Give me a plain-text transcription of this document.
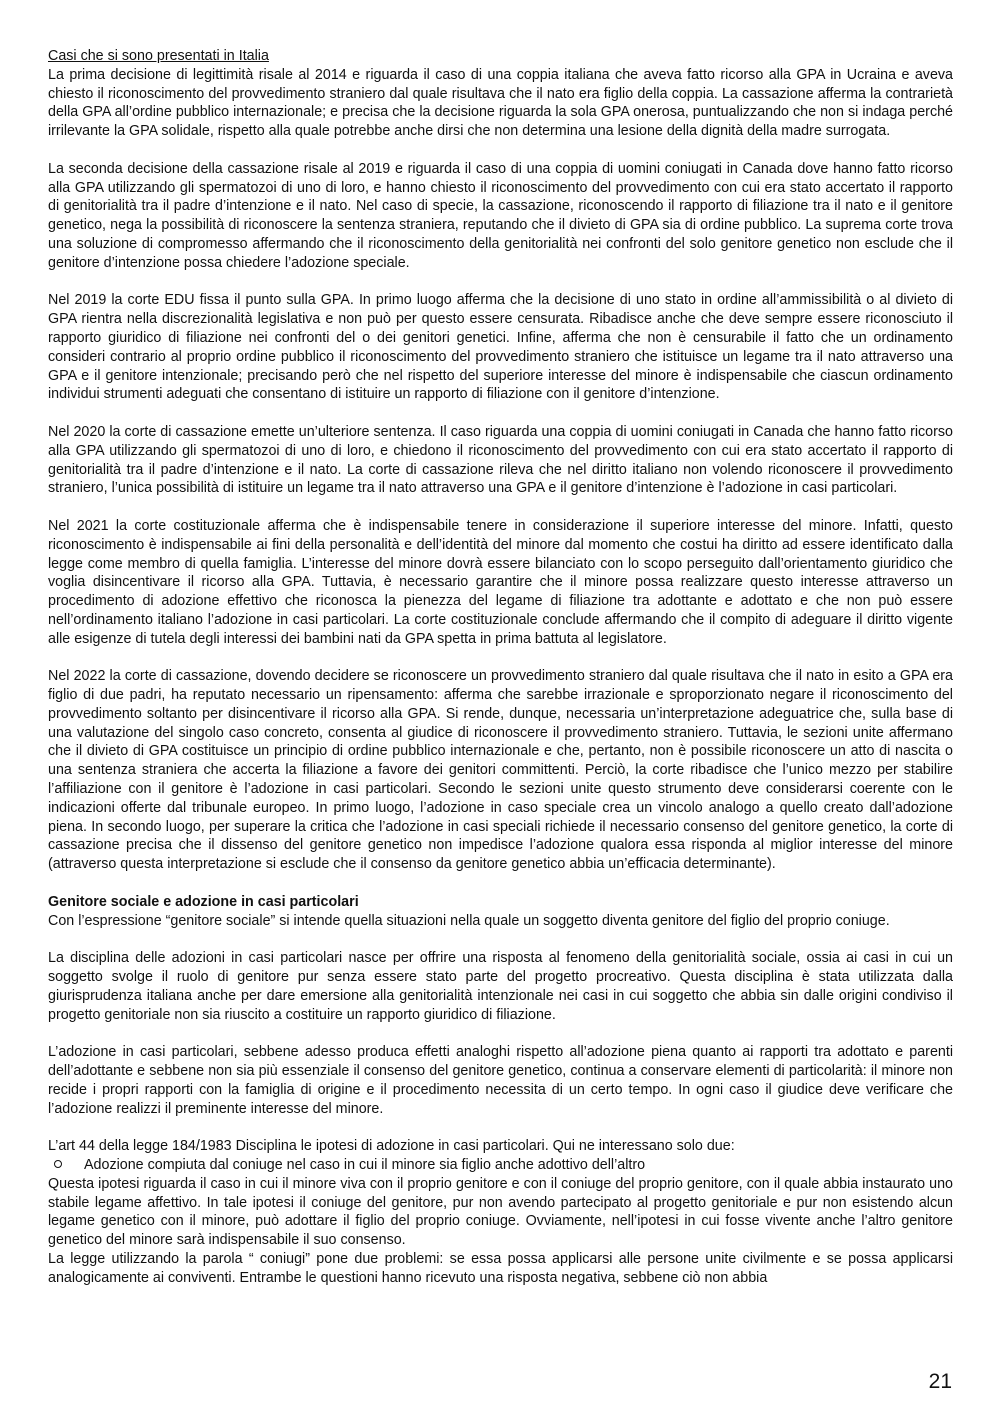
Casi che si sono presentati in Italia

La prima decisione di legittimità risale al 2014 e riguarda il caso di una coppia italiana che aveva fatto ricorso alla GPA in Ucraina e aveva chiesto il riconoscimento del provvedimento straniero dal quale risultava che il nato era figlio della coppia. La cassazione afferma la contrarietà della GPA all’ordine pubblico internazionale; e precisa che la decisione riguarda la sola GPA onerosa, puntualizzando che non si indaga perché irrilevante la GPA solidale, rispetto alla quale potrebbe anche dirsi che non determina una lesione della dignità della madre surrogata.

La seconda decisione della cassazione risale al 2019 e riguarda il caso di una coppia di uomini coniugati in Canada dove hanno fatto ricorso alla GPA utilizzando gli spermatozoi di uno di loro, e hanno chiesto il riconoscimento del provvedimento con cui era stato accertato il rapporto di genitorialità tra il padre d’intenzione e il nato. Nel caso di specie, la cassazione, riconoscendo il rapporto di filiazione tra il nato e il genitore genetico, nega la possibilità di riconoscere la sentenza straniera, reputando che il divieto di GPA sia di ordine pubblico. La suprema corte trova una soluzione di compromesso affermando che il riconoscimento della genitorialità nei confronti del solo genitore genetico non esclude che il genitore d’intenzione possa chiedere l’adozione speciale.

Nel 2019 la corte EDU fissa il punto sulla GPA. In primo luogo afferma che la decisione di uno stato in ordine all’ammissibilità o al divieto di GPA rientra nella discrezionalità legislativa e non può per questo essere censurata. Ribadisce anche che deve sempre essere riconosciuto il rapporto giuridico di filiazione nei confronti del o dei genitori genetici. Infine, afferma che non è censurabile il fatto che un ordinamento consideri contrario al proprio ordine pubblico il riconoscimento del provvedimento straniero che istituisce un legame tra il nato attraverso una GPA e il genitore intenzionale; precisando però che nel rispetto del superiore interesse del minore è indispensabile che ciascun ordinamento individui strumenti adeguati che consentano di istituire un rapporto di filiazione con il genitore d’intenzione.

Nel 2020 la corte di cassazione emette un’ulteriore sentenza. Il caso riguarda una coppia di uomini coniugati in Canada che hanno fatto ricorso alla GPA utilizzando gli spermatozoi di uno di loro, e chiedono il riconoscimento del provvedimento con cui era stato accertato il rapporto di genitorialità tra il padre d’intenzione e il nato. La corte di cassazione rileva che nel diritto italiano non volendo riconoscere il provvedimento straniero, l’unica possibilità di istituire un legame tra il nato attraverso una GPA e il genitore d’intenzione è l’adozione in casi particolari.

Nel 2021 la corte costituzionale afferma che è indispensabile tenere in considerazione il superiore interesse del minore. Infatti, questo riconoscimento è indispensabile ai fini della personalità e dell’identità del minore dal momento che costui ha diritto ad essere identificato dalla legge come membro di quella famiglia. L’interesse del minore dovrà essere bilanciato con lo scopo perseguito dall’orientamento giuridico che voglia disincentivare il ricorso alla GPA. Tuttavia, è necessario garantire che il minore possa realizzare questo interesse attraverso un procedimento di adozione effettivo che riconosca la pienezza del legame di filiazione tra adottante e adottato e che non può essere nell’ordinamento italiano l’adozione in casi particolari. La corte costituzionale conclude affermando che il compito di adeguare il diritto vigente alle esigenze di tutela degli interessi dei bambini nati da GPA spetta in prima battuta al legislatore.

Nel 2022 la corte di cassazione, dovendo decidere se riconoscere un provvedimento straniero dal quale risultava che il nato in esito a GPA era figlio di due padri, ha reputato necessario un ripensamento: afferma che sarebbe irrazionale e sproporzionato negare il riconoscimento del provvedimento soltanto per disincentivare il ricorso alla GPA. Si rende, dunque, necessaria un’interpretazione adeguatrice che, sulla base di una valutazione del singolo caso concreto, consenta al giudice di riconoscere il provvedimento straniero. Tuttavia, le sezioni unite affermano che il divieto di GPA costituisce un principio di ordine pubblico internazionale e che, pertanto, non è possibile riconoscere un atto di nascita o una sentenza straniera che accerta la filiazione a favore dei genitori committenti. Perciò, la corte ribadisce che l’unico mezzo per stabilire l’affiliazione con il genitore è l’adozione in casi particolari. Secondo le sezioni unite questo strumento deve considerarsi coerente con le indicazioni offerte dal tribunale europeo. In primo luogo, l’adozione in caso speciale crea un vincolo analogo a quello creato dall’adozione piena. In secondo luogo, per superare la critica che l’adozione in casi speciali richiede il necessario consenso del genitore genetico, la corte di cassazione precisa che il dissenso del genitore genetico non impedisce l’adozione qualora essa risponda al miglior interesse del minore (attraverso questa interpretazione si esclude che il consenso da genitore genetico abbia un’efficacia determinante).

Genitore sociale e adozione in casi particolari

Con l’espressione “genitore sociale” si intende quella situazioni nella quale un soggetto diventa genitore del figlio del proprio coniuge.

La disciplina delle adozioni in casi particolari nasce per offrire una risposta al fenomeno della genitorialità sociale, ossia ai casi in cui un soggetto svolge il ruolo di genitore pur senza essere stato parte del progetto procreativo. Questa disciplina è stata utilizzata dalla giurisprudenza italiana anche per dare emersione alla genitorialità intenzionale nei casi in cui soggetto che abbia sin dalle origini condiviso il progetto genitoriale non sia riuscito a costituire un rapporto giuridico di filiazione.

L’adozione in casi particolari, sebbene adesso produca effetti analoghi rispetto all’adozione piena quanto ai rapporti tra adottato e parenti dell’adottante e sebbene non sia più essenziale il consenso del genitore genetico, continua a conservare elementi di particolarità: il minore non recide i propri rapporti con la famiglia di origine e il procedimento necessita di un certo tempo. In ogni caso il giudice deve verificare che l’adozione realizzi il preminente interesse del minore.

L’art 44 della legge 184/1983 Disciplina le ipotesi di adozione in casi particolari. Qui ne interessano solo due:

Adozione compiuta dal coniuge nel caso in cui il minore sia figlio anche adottivo dell’altro

Questa ipotesi riguarda il caso in cui il minore viva con il proprio genitore e con il coniuge del proprio genitore, con il quale abbia instaurato uno stabile legame affettivo. In tale ipotesi il coniuge del genitore, pur non avendo partecipato al progetto genitoriale e pur non esistendo alcun legame genetico con il minore, può adottare il figlio del proprio coniuge. Ovviamente, nell’ipotesi in cui fosse vivente anche l’altro genitore genetico del minore sarà indispensabile il suo consenso.

La legge utilizzando la parola “ coniugi” pone due problemi: se essa possa applicarsi alle persone unite civilmente e se possa applicarsi analogicamente ai conviventi. Entrambe le questioni hanno ricevuto una risposta negativa, sebbene ciò non abbia

21
